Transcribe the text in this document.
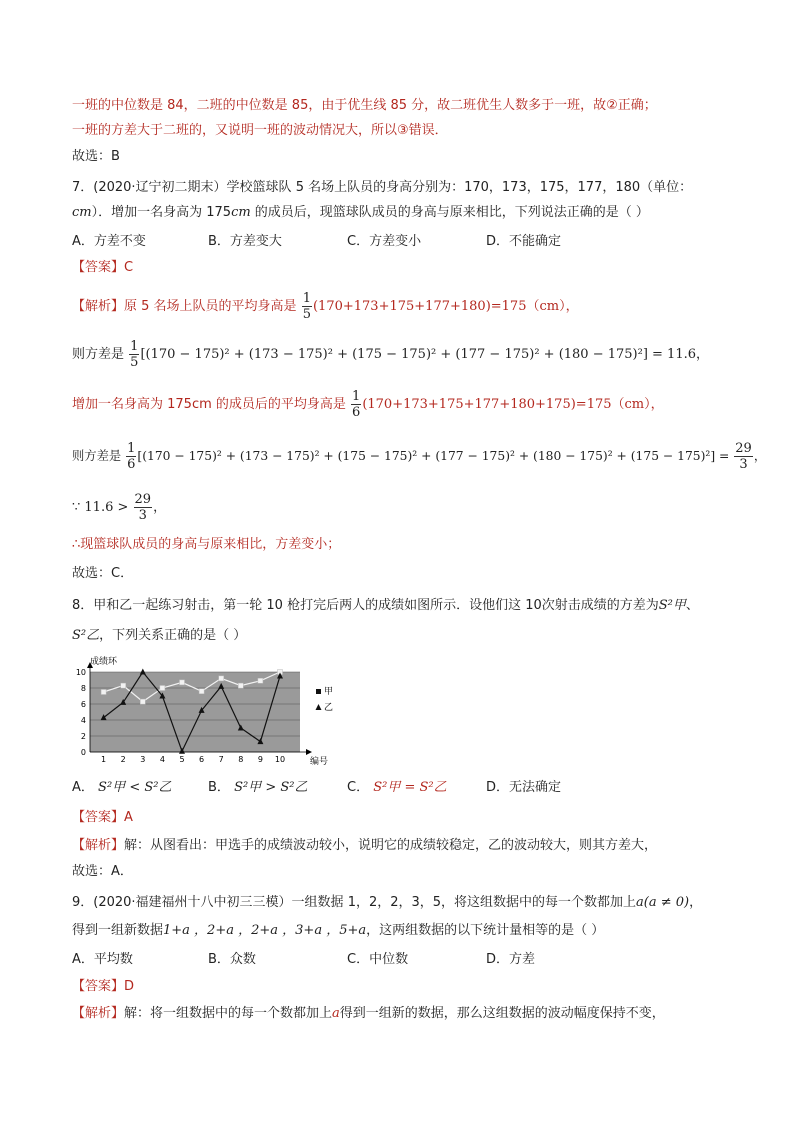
一班的中位数是 84，二班的中位数是 85，由于优生线 85 分，故二班优生人数多于一班，故②正确；
一班的方差大于二班的，又说明一班的波动情况大，所以③错误．
故选：B
7．(2020·辽宁初二期末）学校篮球队 5 名场上队员的身高分别为：170，173，175，177，180（单位：
cm）．增加一名身高为 175cm 的成员后，现篮球队成员的身高与原来相比，下列说法正确的是（ ）
A．方差不变	B．方差变大	C．方差变小	D．不能确定
【答案】C
【解析】原 5 名场上队员的平均身高是 $\frac{1}{5} (170+173+175+177+180)=175(cm)$，
则方差是 $\frac{1}{5} [(170 - 175)^2 + (173 - 175)^2 + (175 - 175)^2 + (177 - 175)^2 + (180 - 175)^2] = 11.6$，
增加一名身高为 175cm 的成员后的平均身高是 $\frac{1}{6} (170+173+175+177+180+175)=175(cm)$，
则方差是 $\frac{1}{6} [(170 - 175)^2 + (173 - 175)^2 + (175 - 175)^2 + (177 - 175)^2 + (180 - 175)^2 + (175 - 175)^2] = \frac{29}{3}$ ，
∵ $11.6 > \frac{29}{3}$ ，
∴现篮球队成员的身高与原来相比，方差变小；
故选：C．
8．甲和乙一起练习射击，第一轮 10 枪打完后两人的成绩如图所示．设他们这 10次射击成绩的方差为S²甲、
S²乙，下列关系正确的是（ ）
0
2
4
6
8
10
1 2 3 4 5 6 7 8 9 10
甲
乙
成绩环
编号
A． S²甲 < S²乙	B． S²甲 > S²乙	C． S²甲 = S²乙	D．无法确定
【答案】A
【解析】解：从图看出：甲选手的成绩波动较小，说明它的成绩较稳定，乙的波动较大，则其方差大，
故选：A．
9．(2020·福建福州十八中初三三模）一组数据 1，2，2，3，5，将这组数据中的每一个数都加上a(a ≠ 0)，
得到一组新数据1+a ，2+a ，2+a ，3+a ，5+a，这两组数据的以下统计量相等的是（ ）
A．平均数	B．众数	C．中位数	D．方差
【答案】D
【解析】解：将一组数据中的每一个数都加上a得到一组新的数据，那么这组数据的波动幅度保持不变，
